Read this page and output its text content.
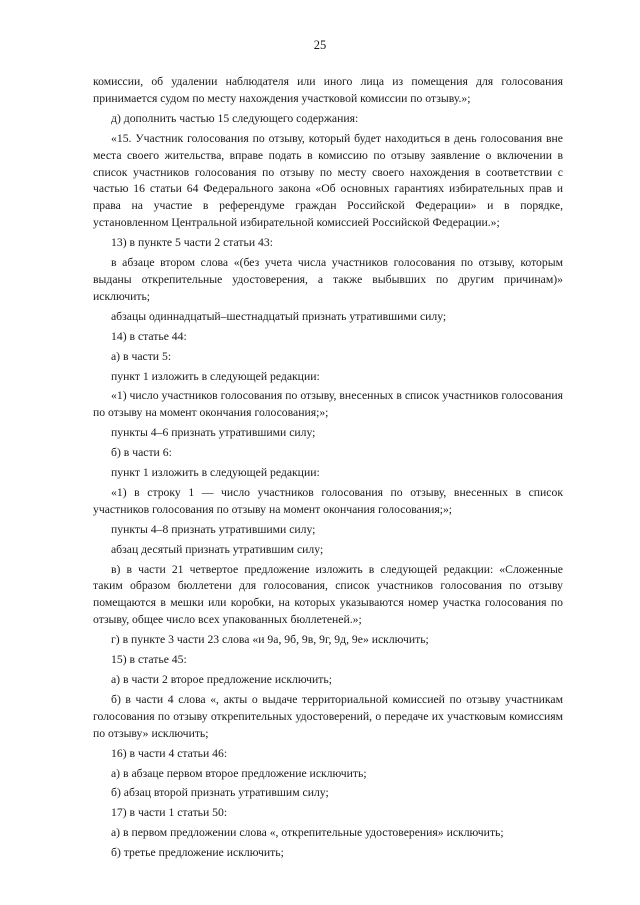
25

комиссии, об удалении наблюдателя или иного лица из помещения для голосования принимается судом по месту нахождения участковой комиссии по отзыву.»;

д) дополнить частью 15 следующего содержания:

«15. Участник голосования по отзыву, который будет находиться в день голосования вне места своего жительства, вправе подать в комиссию по отзыву заявление о включении в список участников голосования по отзыву по месту своего нахождения в соответствии с частью 16 статьи 64 Федерального закона «Об основных гарантиях избирательных прав и права на участие в референдуме граждан Российской Федерации» и в порядке, установленном Центральной избирательной комиссией Российской Федерации.»;

13) в пункте 5 части 2 статьи 43:

в абзаце втором слова «(без учета числа участников голосования по отзыву, которым выданы открепительные удостоверения, а также выбывших по другим причинам)» исключить;

абзацы одиннадцатый–шестнадцатый признать утратившими силу;

14) в статье 44:

а) в части 5:

пункт 1 изложить в следующей редакции:

«1) число участников голосования по отзыву, внесенных в список участников голосования по отзыву на момент окончания голосования;»;

пункты 4–6 признать утратившими силу;

б) в части 6:

пункт 1 изложить в следующей редакции:

«1) в строку 1 — число участников голосования по отзыву, внесенных в список участников голосования по отзыву на момент окончания голосования;»;

пункты 4–8 признать утратившими силу;

абзац десятый признать утратившим силу;

в) в части 21 четвертое предложение изложить в следующей редакции: «Сложенные таким образом бюллетени для голосования, список участников голосования по отзыву помещаются в мешки или коробки, на которых указываются номер участка голосования по отзыву, общее число всех упакованных бюллетеней.»;

г) в пункте 3 части 23 слова «и 9а, 9б, 9в, 9г, 9д, 9е» исключить;

15) в статье 45:

а) в части 2 второе предложение исключить;

б) в части 4 слова «, акты о выдаче территориальной комиссией по отзыву участникам голосования по отзыву открепительных удостоверений, о передаче их участковым комиссиям по отзыву» исключить;

16) в части 4 статьи 46:

а) в абзаце первом второе предложение исключить;

б) абзац второй признать утратившим силу;

17) в части 1 статьи 50:

а) в первом предложении слова «, открепительные удостоверения» исключить;

б) третье предложение исключить;
